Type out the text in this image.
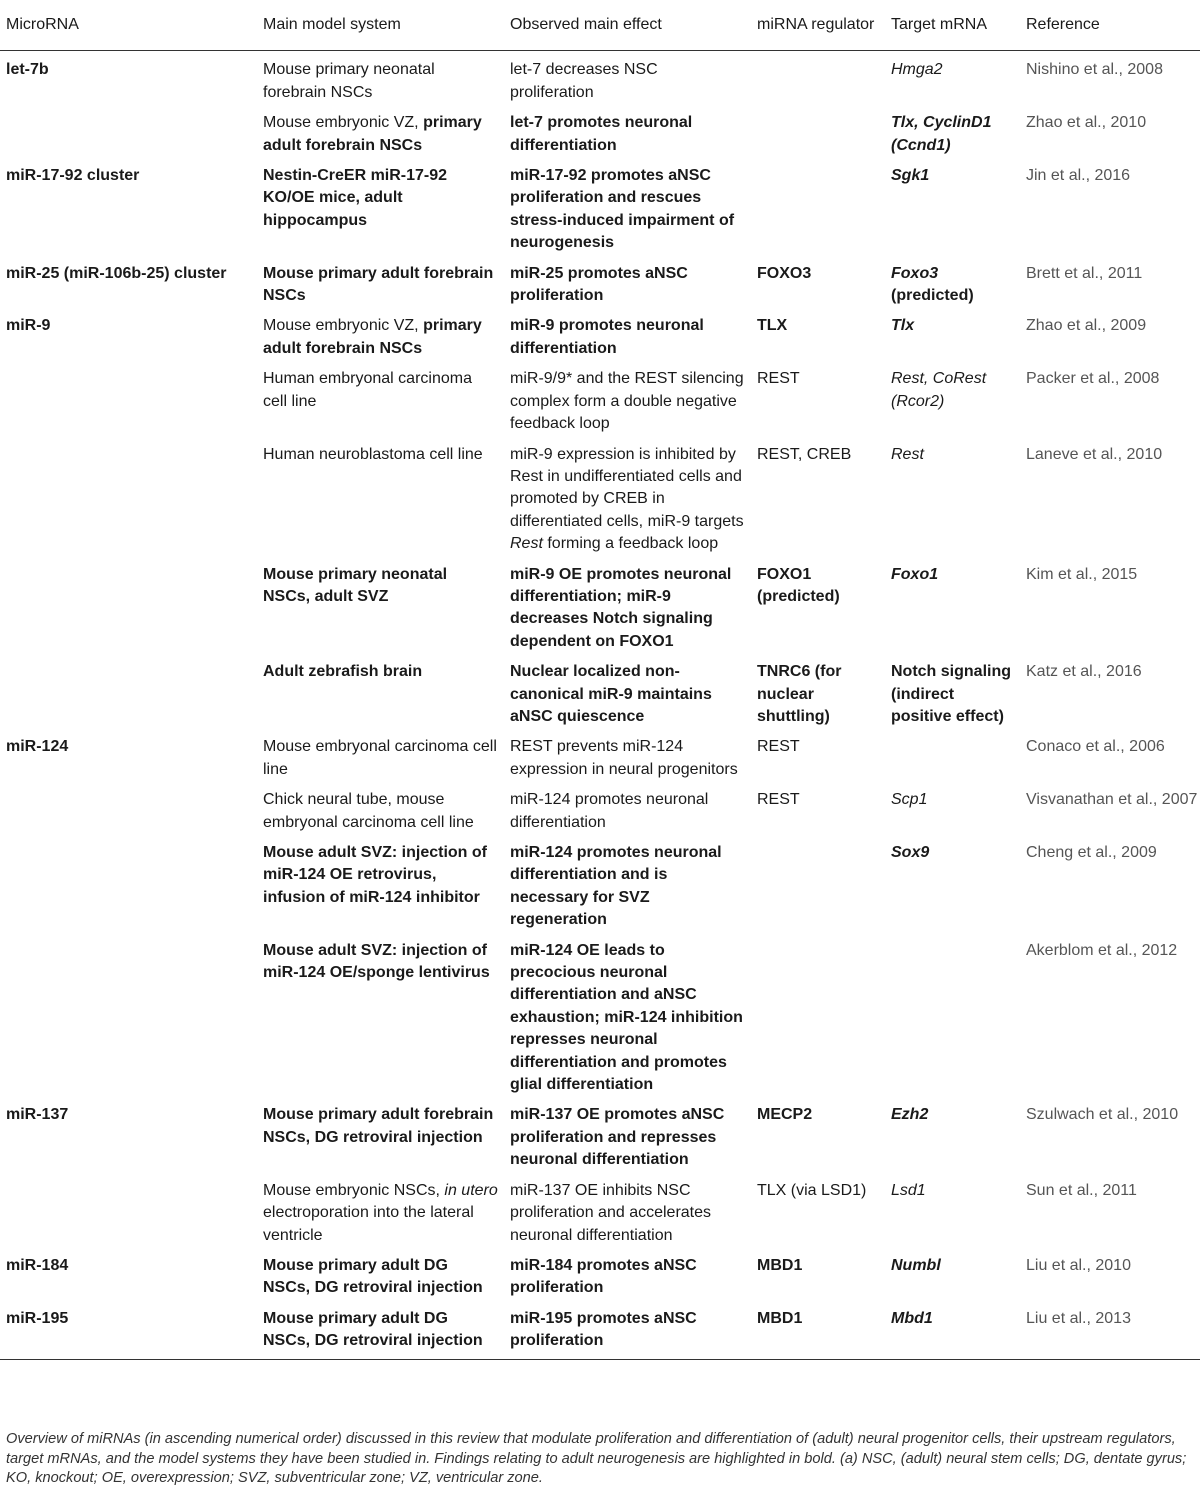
MicroRNA	Main model system	Observed main effect	miRNA regulator	Target mRNA	Reference
let-7b	Mouse primary neonatal forebrain NSCs	let-7 decreases NSC proliferation		Hmga2	Nishino et al., 2008
	Mouse embryonic VZ, primary adult forebrain NSCs	let-7 promotes neuronal differentiation		Tlx, CyclinD1 (Ccnd1)	Zhao et al., 2010
miR-17-92 cluster	Nestin-CreER miR-17-92 KO/OE mice, adult hippocampus	miR-17-92 promotes aNSC proliferation and rescues stress-induced impairment of neurogenesis		Sgk1	Jin et al., 2016
miR-25 (miR-106b-25) cluster	Mouse primary adult forebrain NSCs	miR-25 promotes aNSC proliferation	FOXO3	Foxo3 (predicted)	Brett et al., 2011
miR-9	Mouse embryonic VZ, primary adult forebrain NSCs	miR-9 promotes neuronal differentiation	TLX	Tlx	Zhao et al., 2009
	Human embryonal carcinoma cell line	miR-9/9* and the REST silencing complex form a double negative feedback loop	REST	Rest, CoRest (Rcor2)	Packer et al., 2008
	Human neuroblastoma cell line	miR-9 expression is inhibited by Rest in undifferentiated cells and promoted by CREB in differentiated cells, miR-9 targets Rest forming a feedback loop	REST, CREB	Rest	Laneve et al., 2010
	Mouse primary neonatal NSCs, adult SVZ	miR-9 OE promotes neuronal differentiation; miR-9 decreases Notch signaling dependent on FOXO1	FOXO1 (predicted)	Foxo1	Kim et al., 2015
	Adult zebrafish brain	Nuclear localized non-canonical miR-9 maintains aNSC quiescence	TNRC6 (for nuclear shuttling)	Notch signaling (indirect positive effect)	Katz et al., 2016
miR-124	Mouse embryonal carcinoma cell line	REST prevents miR-124 expression in neural progenitors	REST		Conaco et al., 2006
	Chick neural tube, mouse embryonal carcinoma cell line	miR-124 promotes neuronal differentiation	REST	Scp1	Visvanathan et al., 2007
	Mouse adult SVZ: injection of miR-124 OE retrovirus, infusion of miR-124 inhibitor	miR-124 promotes neuronal differentiation and is necessary for SVZ regeneration		Sox9	Cheng et al., 2009
	Mouse adult SVZ: injection of miR-124 OE/sponge lentivirus	miR-124 OE leads to precocious neuronal differentiation and aNSC exhaustion; miR-124 inhibition represses neuronal differentiation and promotes glial differentiation			Akerblom et al., 2012
miR-137	Mouse primary adult forebrain NSCs, DG retroviral injection	miR-137 OE promotes aNSC proliferation and represses neuronal differentiation	MECP2	Ezh2	Szulwach et al., 2010
	Mouse embryonic NSCs, in utero electroporation into the lateral ventricle	miR-137 OE inhibits NSC proliferation and accelerates neuronal differentiation	TLX (via LSD1)	Lsd1	Sun et al., 2011
miR-184	Mouse primary adult DG NSCs, DG retroviral injection	miR-184 promotes aNSC proliferation	MBD1	Numbl	Liu et al., 2010
miR-195	Mouse primary adult DG NSCs, DG retroviral injection	miR-195 promotes aNSC proliferation	MBD1	Mbd1	Liu et al., 2013
Overview of miRNAs (in ascending numerical order) discussed in this review that modulate proliferation and differentiation of (adult) neural progenitor cells, their upstream regulators, target mRNAs, and the model systems they have been studied in. Findings relating to adult neurogenesis are highlighted in bold. (a) NSC, (adult) neural stem cells; DG, dentate gyrus; KO, knockout; OE, overexpression; SVZ, subventricular zone; VZ, ventricular zone.
